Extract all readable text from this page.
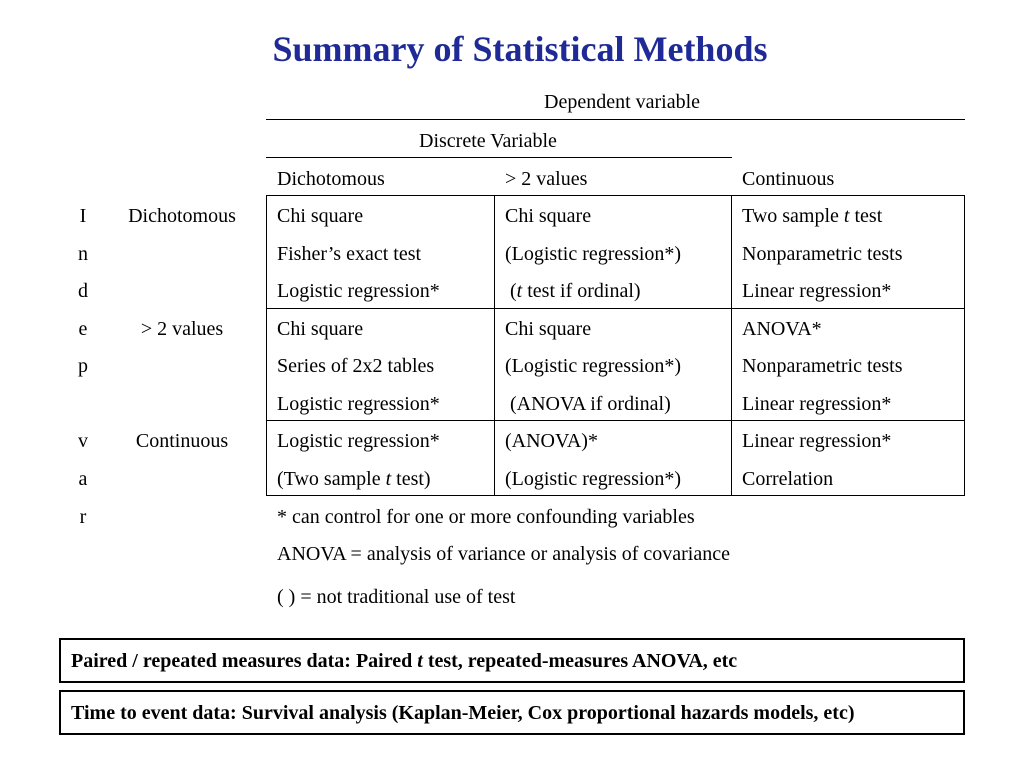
Summary of Statistical Methods
Dependent variable
Discrete Variable
Dichotomous	> 2 values	Continuous
I
n
d
e
p
v
a
r
Dichotomous
> 2 values
Continuous
Chi square
Fisher’s exact test
Logistic regression*
Chi square
(Logistic regression*)
(t test if ordinal)
Two sample t test
Nonparametric tests
Linear regression*
Chi square
Series of 2x2 tables
Logistic regression*
Chi square
(Logistic regression*)
(ANOVA if ordinal)
ANOVA*
Nonparametric tests
Linear regression*
Logistic regression*
(Two sample t test)
(ANOVA)*
(Logistic regression*)
Linear regression*
Correlation
* can control for one or more confounding variables
ANOVA = analysis of variance or analysis of covariance
( ) = not traditional use of test
Paired / repeated measures data: Paired t test, repeated-measures ANOVA, etc
Time to event data: Survival analysis (Kaplan-Meier, Cox proportional hazards models, etc)
